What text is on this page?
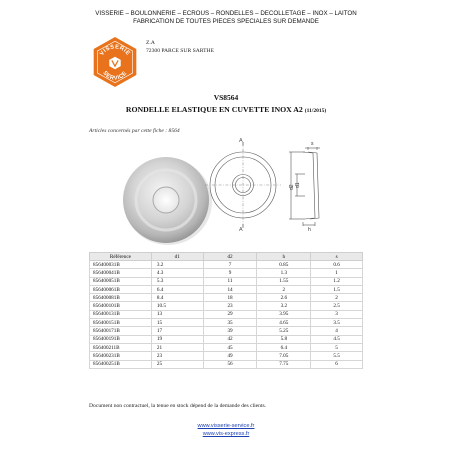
VISSERIE – BOULONNERIE – ECROUS – RONDELLES – DECOLLETAGE – INOX – LAITON
FABRICATION DE TOUTES PIECES SPECIALES SUR DEMANDE
VISSERIE
SERVICE
Z.A
72300 PARCE SUR SARTHE
VS8564
RONDELLE ELASTIQUE EN CUVETTE INOX A2 (11/2015)
Articles concernés par cette fiche : 8564
A
A
d1
d2
s
h
Référence	d1	d2	h	s
856400031B	3.2	7	0.85	0.6
856400041B	4.3	9	1.3	1
856400051B	5.3	11	1.55	1.2
856400061B	6.4	14	2	1.5
856400081B	8.4	18	2.6	2
856400101B	10.5	23	3.2	2.5
856400131B	13	29	3.95	3
856400151B	15	35	4.65	3.5
856400171B	17	39	5.25	4
856400191B	19	42	5.8	4.5
856400211B	21	45	6.4	5
856400231B	23	49	7.05	5.5
856400251B	25	56	7.75	6
Document non contractuel, la tenue en stock dépend de la demande des clients.
www.visserie-service.fr
www.vis-express.fr
